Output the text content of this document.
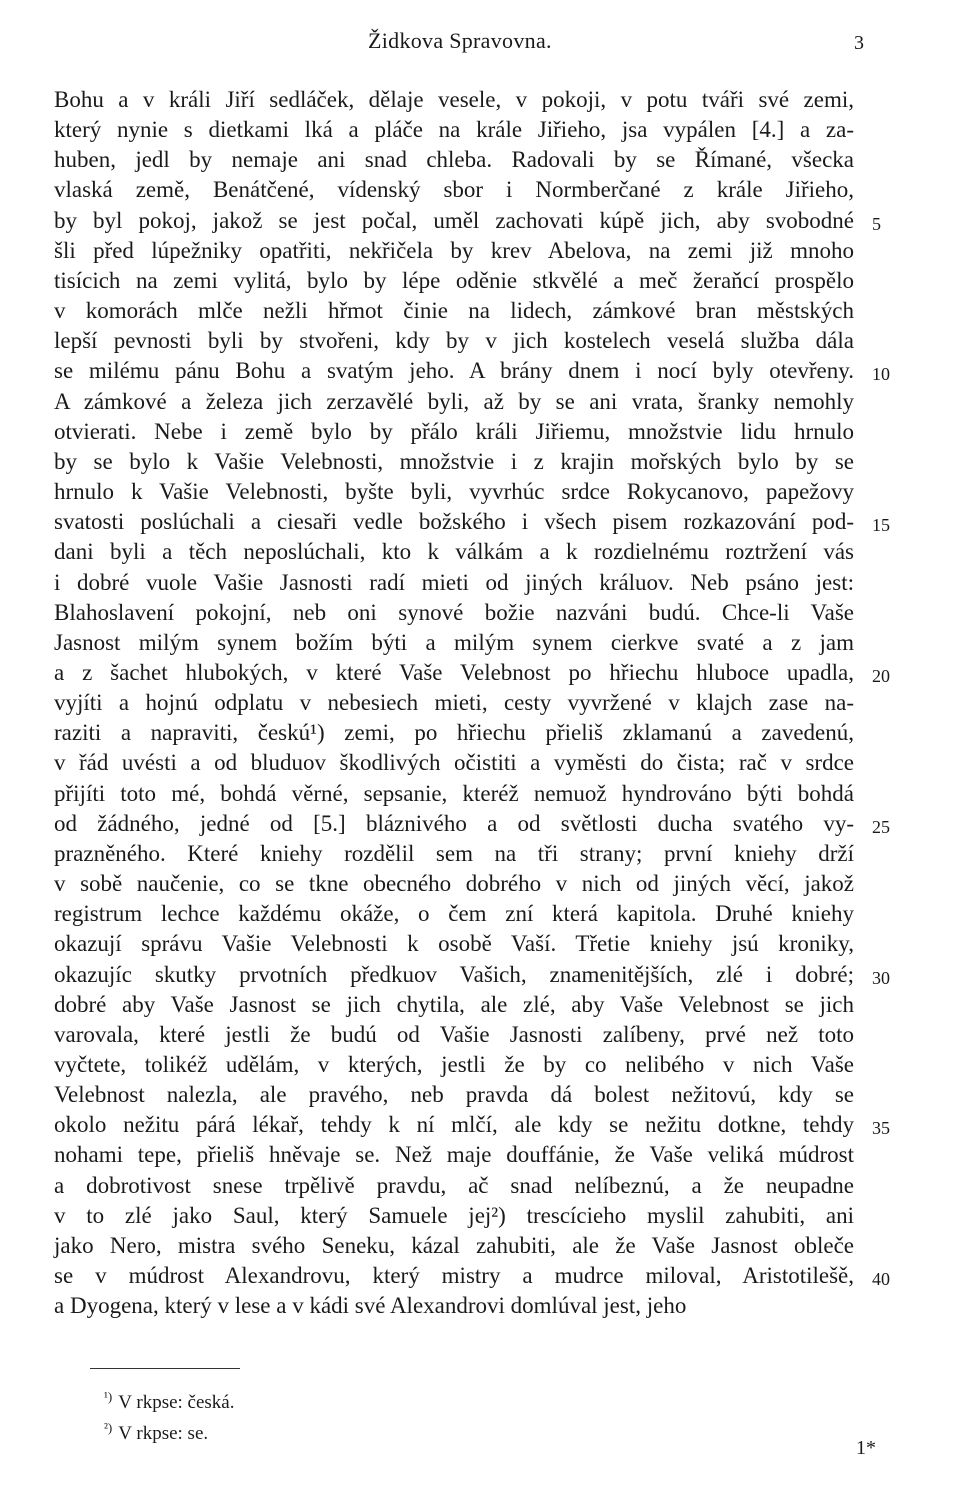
Židkova Spravovna.	3
Bohu a v králi Jiří sedláček, dělaje vesele, v pokoji, v potu tváři své zemi,
který nynie s dietkami lká a pláče na krále Jiřieho, jsa vypálen [4.] a za-
huben, jedl by nemaje ani snad chleba. Radovali by se Římané, všecka
vlaská země, Benátčené, vídenský sbor i Normberčané z krále Jiřieho,
by byl pokoj, jakož se jest počal, uměl zachovati kúpě jich, aby svobodné 5
šli před lúpežniky opatřiti, nekřičela by krev Abelova, na zemi již mnoho
tisícich na zemi vylitá, bylo by lépe oděnie stkvělé a meč žeraňcí prospělo
v komorách mlče nežli hřmot činie na lidech, zámkové bran městských
lepší pevnosti byli by stvořeni, kdy by v jich kostelech veselá služba dála
se milému pánu Bohu a svatým jeho. A brány dnem i nocí byly otevřeny. 10
A zámkové a železa jich zerzavělé byli, až by se ani vrata, šranky nemohly
otvierati. Nebe i země bylo by přálo králi Jiřiemu, množstvie lidu hrnulo
by se bylo k Vašie Velebnosti, množstvie i z krajin mořských bylo by se
hrnulo k Vašie Velebnosti, byšte byli, vyvrhúc srdce Rokycanovo, papežovy
svatosti poslúchali a ciesaři vedle božského i všech pisem rozkazování pod- 15
dani byli a těch neposlúchali, kto k válkám a k rozdielnému roztržení vás
i dobré vuole Vašie Jasnosti radí mieti od jiných králuov. Neb psáno jest:
Blahoslavení pokojní, neb oni synové božie nazváni budú. Chce-li Vaše
Jasnost milým synem božím býti a milým synem cierkve svaté a z jam
a z šachet hlubokých, v které Vaše Velebnost po hřiechu hluboce upadla, 20
vyjíti a hojnú odplatu v nebesiech mieti, cesty vyvržené v klajch zase na-
raziti a napraviti, českú¹) zemi, po hřiechu přieliš zklamanú a zavedenú,
v řád uvésti a od bluduov škodlivých očistiti a vyměsti do čista; rač v srdce
přijíti toto mé, bohdá věrné, sepsanie, kteréž nemuož hyndrováno býti bohdá
od žádného, jedné od [5.] bláznivého a od světlosti ducha svatého vy- 25
prazněného. Které kniehy rozdělil sem na tři strany; první kniehy drží
v sobě naučenie, co se tkne obecného dobrého v nich od jiných věcí, jakož
registrum lechce každému okáže, o čem zní která kapitola. Druhé kniehy
okazují správu Vašie Velebnosti k osobě Vaší. Třetie kniehy jsú kroniky,
okazujíc skutky prvotních předkuov Vašich, znamenitějších, zlé i dobré; 30
dobré aby Vaše Jasnost se jich chytila, ale zlé, aby Vaše Velebnost se jich
varovala, které jestli že budú od Vašie Jasnosti zalíbeny, prvé než toto
vyčtete, tolikéž udělám, v kterých, jestli že by co nelibého v nich Vaše
Velebnost nalezla, ale pravého, neb pravda dá bolest nežitovú, kdy se
okolo nežitu párá lékař, tehdy k ní mlčí, ale kdy se nežitu dotkne, tehdy 35
nohami tepe, přieliš hněvaje se. Než maje douffánie, že Vaše veliká múdrost
a dobrotivost snese trpělivě pravdu, ač snad nelíbeznú, a že neupadne
v to zlé jako Saul, který Samuele jej²) trescícieho myslil zahubiti, ani
jako Nero, mistra svého Seneku, kázal zahubiti, ale že Vaše Jasnost obleče
se v múdrost Alexandrovu, který mistry a mudrce miloval, Aristotilešě, 40
a Dyogena, který v lese a v kádi své Alexandrovi domlúval jest, jeho
$^{^1)}$ V rkpse: česká.
$^{^2)}$ V rkpse: se.
1*
